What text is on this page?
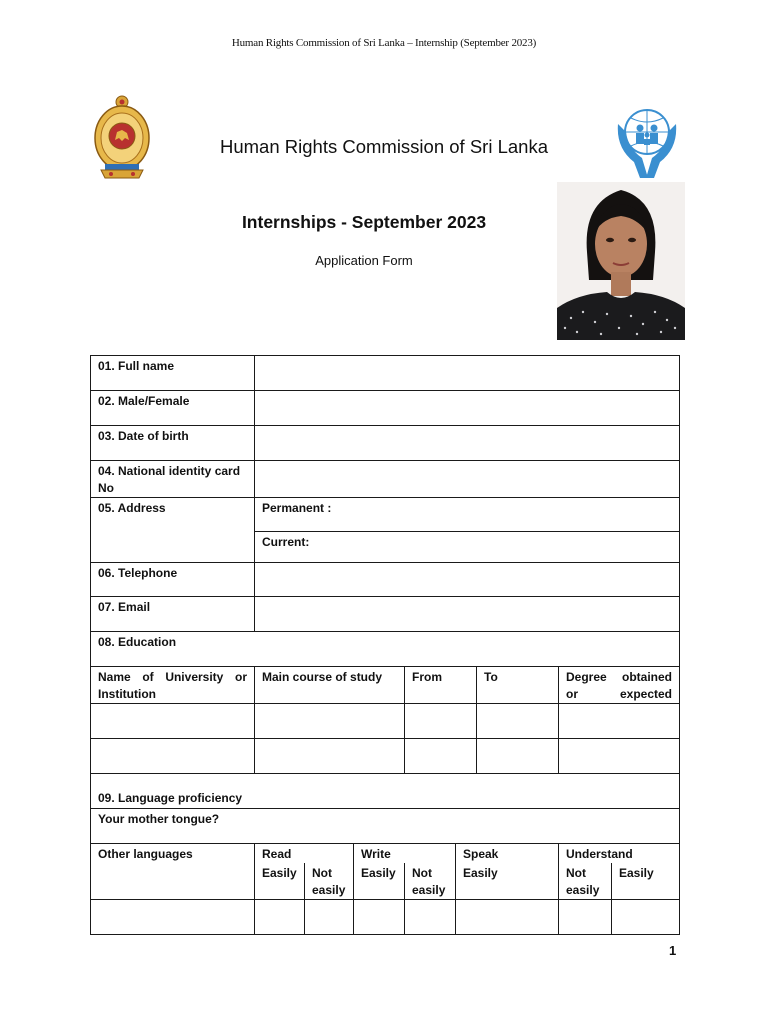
Human Rights Commission of Sri Lanka – Internship (September 2023)
Human Rights Commission of Sri Lanka
Internships - September 2023
Application Form
01. Full name									
02. Male/Female									
03. Date of birth									
04. National identity card No									
05. Address	Permanent :								
	Current:								
06. Telephone									
07. Email									
08. Education									
Name of University or Institution	Main course of study			From		To	Degree obtained or expected		

09. Language proficiency									
Your mother tongue?									
Other languages	Read		Write		Speak		Understand		
	Easily	Not easily	Easily	Not easily	Easily		Not easily	Easily	

1
